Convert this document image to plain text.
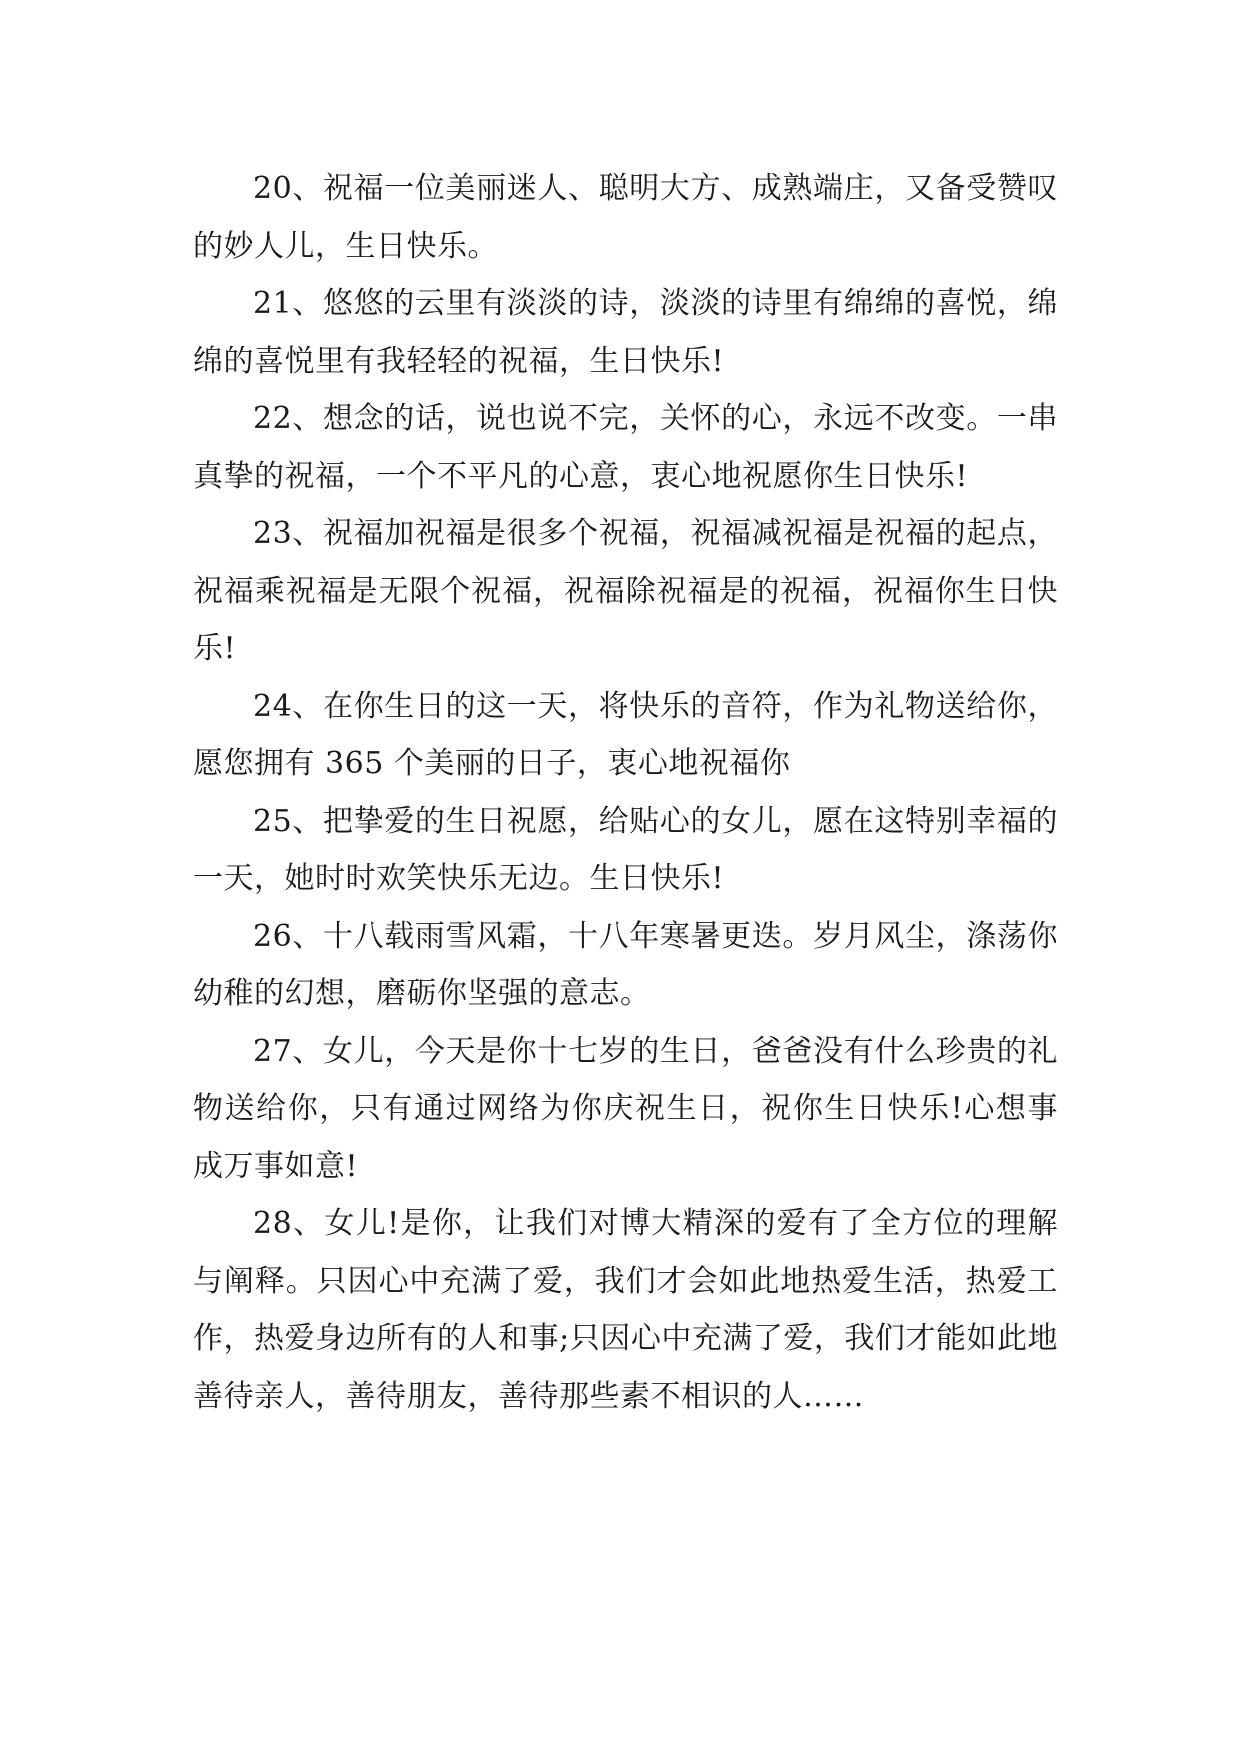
20、祝福一位美丽迷人、聪明大方、成熟端庄，又备受赞叹的妙人儿，生日快乐。

21、悠悠的云里有淡淡的诗，淡淡的诗里有绵绵的喜悦，绵绵的喜悦里有我轻轻的祝福，生日快乐!

22、想念的话，说也说不完，关怀的心，永远不改变。一串真挚的祝福，一个不平凡的心意，衷心地祝愿你生日快乐!

23、祝福加祝福是很多个祝福，祝福减祝福是祝福的起点，祝福乘祝福是无限个祝福，祝福除祝福是的祝福，祝福你生日快乐!

24、在你生日的这一天，将快乐的音符，作为礼物送给你，愿您拥有 365 个美丽的日子，衷心地祝福你

25、把挚爱的生日祝愿，给贴心的女儿，愿在这特别幸福的一天，她时时欢笑快乐无边。生日快乐!

26、十八载雨雪风霜，十八年寒暑更迭。岁月风尘，涤荡你幼稚的幻想，磨砺你坚强的意志。

27、女儿，今天是你十七岁的生日，爸爸没有什么珍贵的礼物送给你，只有通过网络为你庆祝生日，祝你生日快乐!心想事成万事如意!

28、女儿!是你，让我们对博大精深的爱有了全方位的理解与阐释。只因心中充满了爱，我们才会如此地热爱生活，热爱工作，热爱身边所有的人和事;只因心中充满了爱，我们才能如此地善待亲人，善待朋友，善待那些素不相识的人……
